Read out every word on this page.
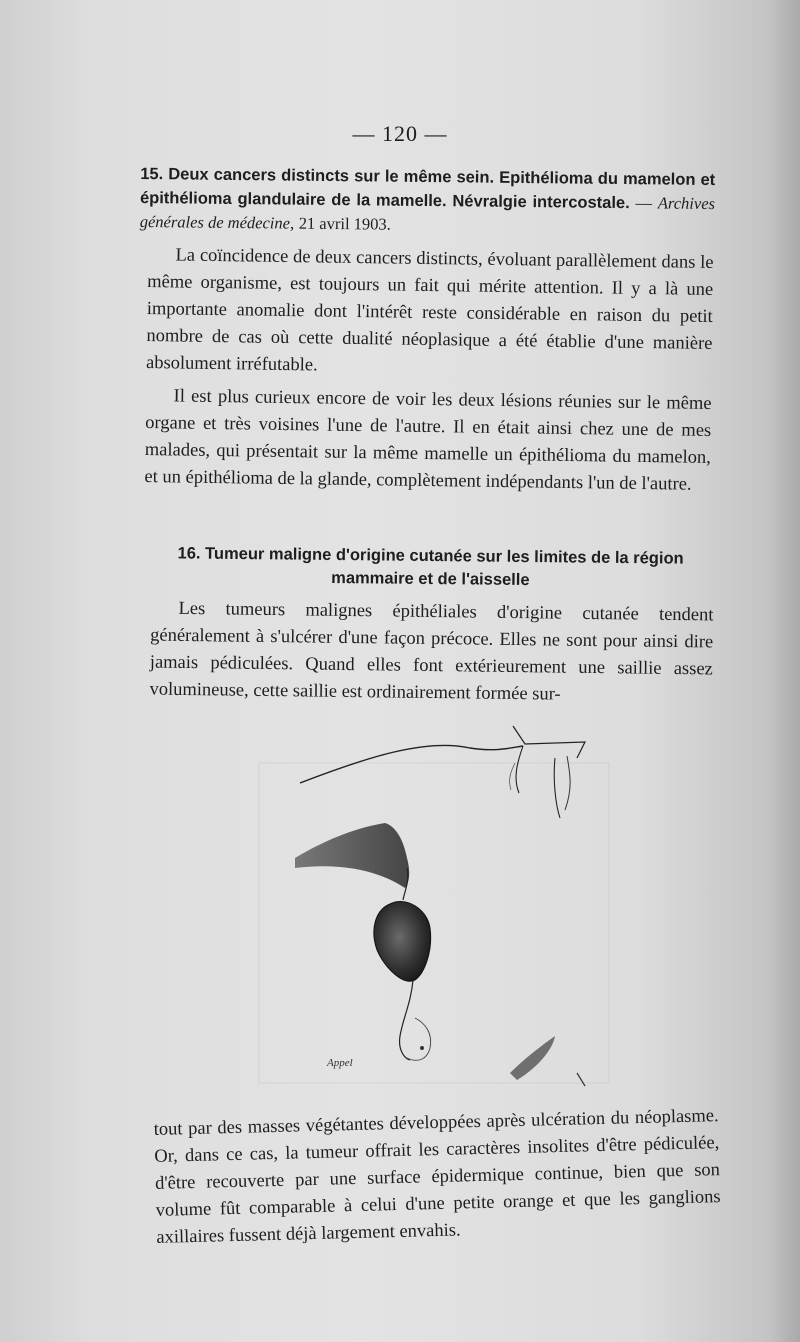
— 120 —
15. Deux cancers distincts sur le même sein. Epithélioma du mamelon et épithélioma glandulaire de la mamelle. Névralgie intercostale. — Archives générales de médecine, 21 avril 1903.

La coïncidence de deux cancers distincts, évoluant parallèlement dans le même organisme, est toujours un fait qui mérite attention. Il y a là une importante anomalie dont l'intérêt reste considérable en raison du petit nombre de cas où cette dualité néoplasique a été établie d'une manière absolument irréfutable.

Il est plus curieux encore de voir les deux lésions réunies sur le même organe et très voisines l'une de l'autre. Il en était ainsi chez une de mes malades, qui présentait sur la même mamelle un épithélioma du mamelon, et un épithélioma de la glande, complètement indépendants l'un de l'autre.

16. Tumeur maligne d'origine cutanée sur les limites de la région
mammaire et de l'aisselle

Les tumeurs malignes épithéliales d'origine cutanée tendent généralement à s'ulcérer d'une façon précoce. Elles ne sont pour ainsi dire jamais pédiculées. Quand elles font extérieurement une saillie assez volumineuse, cette saillie est ordinairement formée sur-

Appel

tout par des masses végétantes développées après ulcération du néoplasme. Or, dans ce cas, la tumeur offrait les caractères insolites d'être pédiculée, d'être recouverte par une surface épidermique continue, bien que son volume fût comparable à celui d'une petite orange et que les ganglions axillaires fussent déjà largement envahis.
